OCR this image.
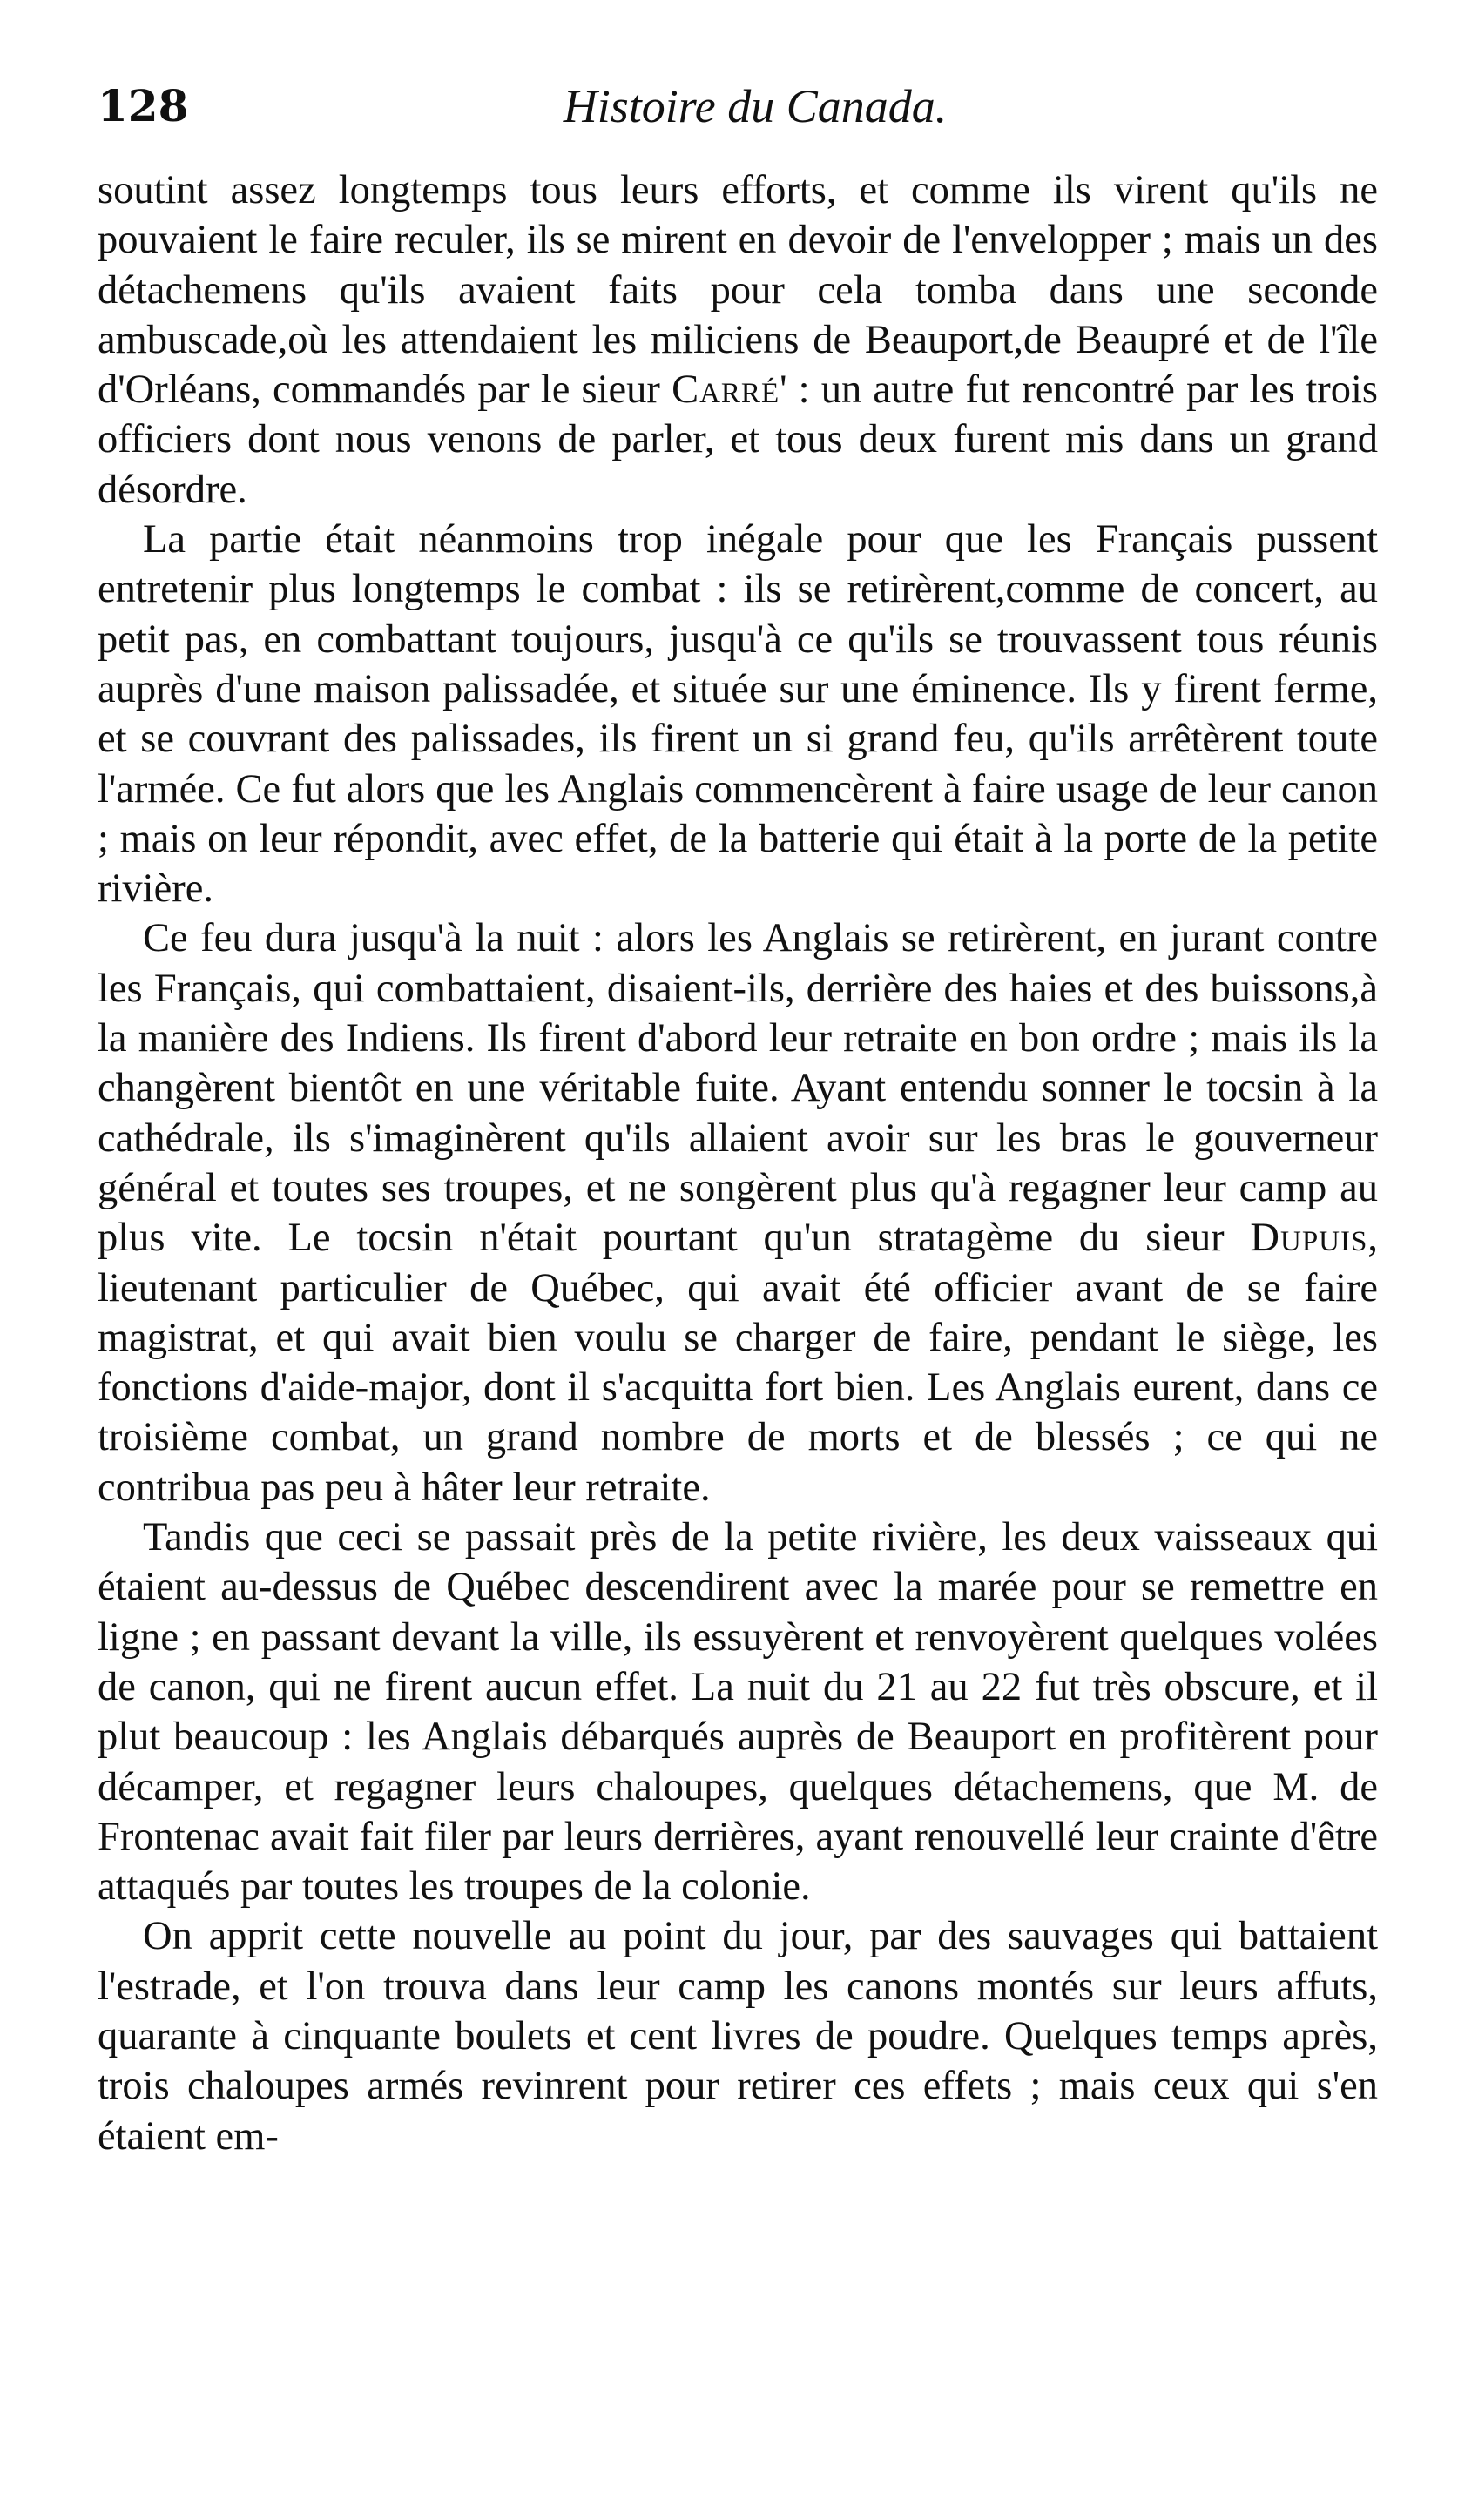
128	Histoire du Canada.

soutint assez longtemps tous leurs efforts, et comme ils virent qu'ils ne pouvaient le faire reculer, ils se mirent en devoir de l'envelopper ; mais un des détachemens qu'ils avaient faits pour cela tomba dans une seconde ambuscade,où les attendaient les miliciens de Beauport,de Beaupré et de l'île d'Orléans, commandés par le sieur Carré' : un autre fut rencontré par les trois officiers dont nous venons de parler, et tous deux furent mis dans un grand désordre.

La partie était néanmoins trop inégale pour que les Français pussent entretenir plus longtemps le combat : ils se retirèrent,comme de concert, au petit pas, en combattant toujours, jusqu'à ce qu'ils se trouvassent tous réunis auprès d'une maison palissadée, et située sur une éminence. Ils y firent ferme, et se couvrant des palissades, ils firent un si grand feu, qu'ils arrêtèrent toute l'armée. Ce fut alors que les Anglais commencèrent à faire usage de leur canon ; mais on leur répondit, avec effet, de la batterie qui était à la porte de la petite rivière.

Ce feu dura jusqu'à la nuit : alors les Anglais se retirèrent, en jurant contre les Français, qui combattaient, disaient-ils, derrière des haies et des buissons,à la manière des Indiens. Ils firent d'abord leur retraite en bon ordre ; mais ils la changèrent bientôt en une véritable fuite. Ayant entendu sonner le tocsin à la cathédrale, ils s'imaginèrent qu'ils allaient avoir sur les bras le gouverneur général et toutes ses troupes, et ne songèrent plus qu'à regagner leur camp au plus vite. Le tocsin n'était pourtant qu'un stratagème du sieur Dupuis, lieutenant particulier de Québec, qui avait été officier avant de se faire magistrat, et qui avait bien voulu se charger de faire, pendant le siège, les fonctions d'aide-major, dont il s'acquitta fort bien. Les Anglais eurent, dans ce troisième combat, un grand nombre de morts et de blessés ; ce qui ne contribua pas peu à hâter leur retraite.

Tandis que ceci se passait près de la petite rivière, les deux vaisseaux qui étaient au-dessus de Québec descendirent avec la marée pour se remettre en ligne ; en passant devant la ville, ils essuyèrent et renvoyèrent quelques volées de canon, qui ne firent aucun effet. La nuit du 21 au 22 fut très obscure, et il plut beaucoup : les Anglais débarqués auprès de Beauport en profitèrent pour décamper, et regagner leurs chaloupes, quelques détachemens, que M. de Frontenac avait fait filer par leurs derrières, ayant renouvellé leur crainte d'être attaqués par toutes les troupes de la colonie.

On apprit cette nouvelle au point du jour, par des sauvages qui battaient l'estrade, et l'on trouva dans leur camp les canons montés sur leurs affuts, quarante à cinquante boulets et cent livres de poudre. Quelques temps après, trois chaloupes armés revinrent pour retirer ces effets ; mais ceux qui s'en étaient em-
